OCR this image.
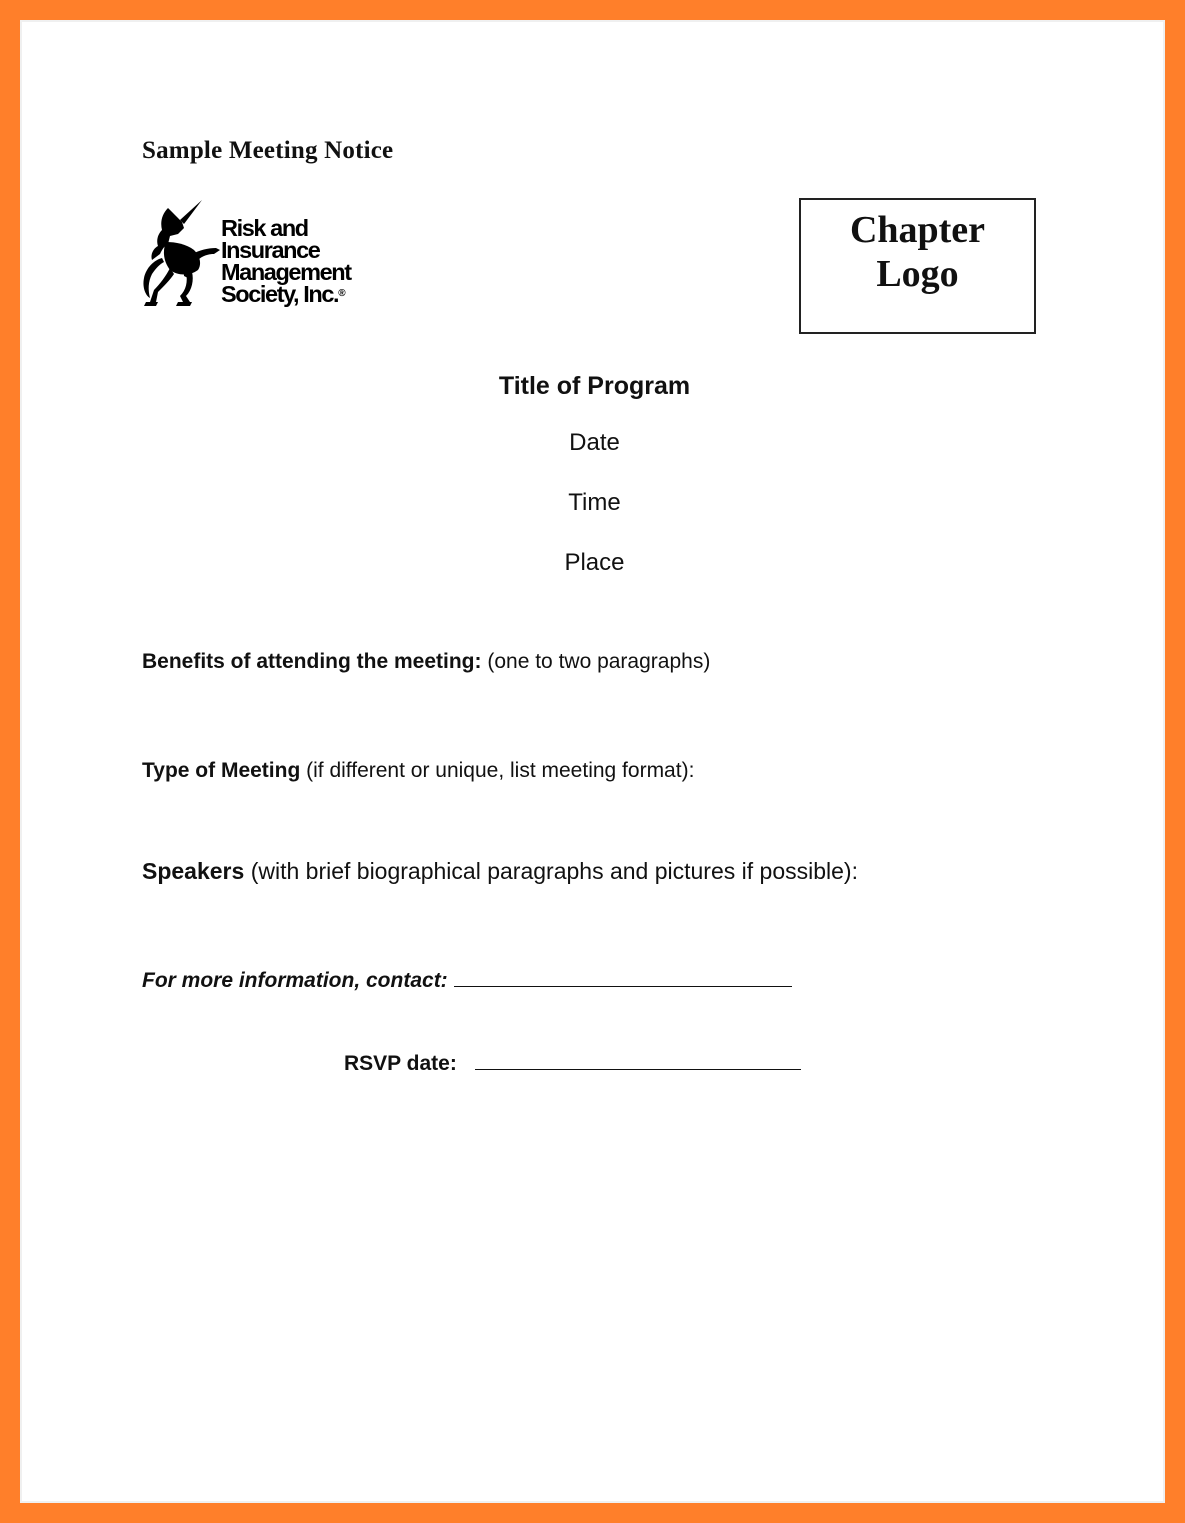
Sample Meeting Notice
Risk and
Insurance
Management
Society, Inc.®
Chapter
Logo
Title of Program
Date
Time
Place
Benefits of attending the meeting: (one to two paragraphs)
Type of Meeting (if different or unique, list meeting format):
Speakers (with brief biographical paragraphs and pictures if possible):
For more information, contact:
RSVP date:
